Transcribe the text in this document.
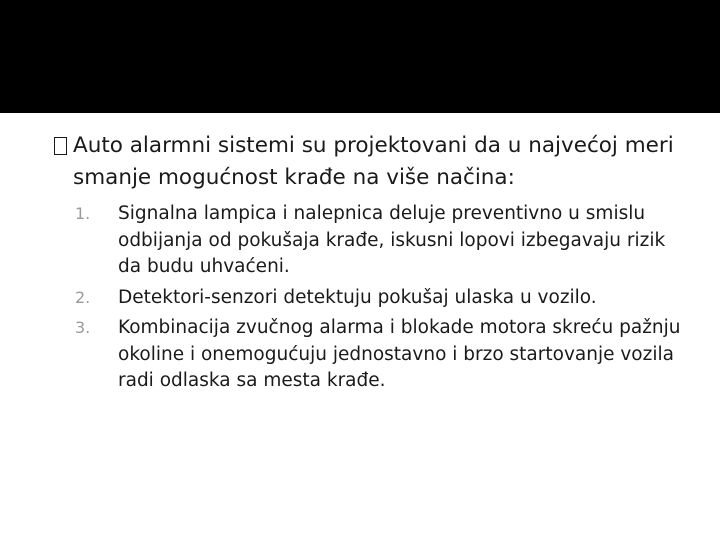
Auto alarmni sistemi su projektovani da u najvećoj meri smanje mogućnost krađe na više načina:
1.	Signalna lampica i nalepnica deluje preventivno u smislu odbijanja od pokušaja krađe, iskusni lopovi izbegavaju rizik da budu uhvaćeni.
2.	Detektori-senzori detektuju pokušaj ulaska u vozilo.
3.	Kombinacija zvučnog alarma i blokade motora skreću pažnju okoline i onemogućuju jednostavno i brzo startovanje vozila radi odlaska sa mesta krađe.
